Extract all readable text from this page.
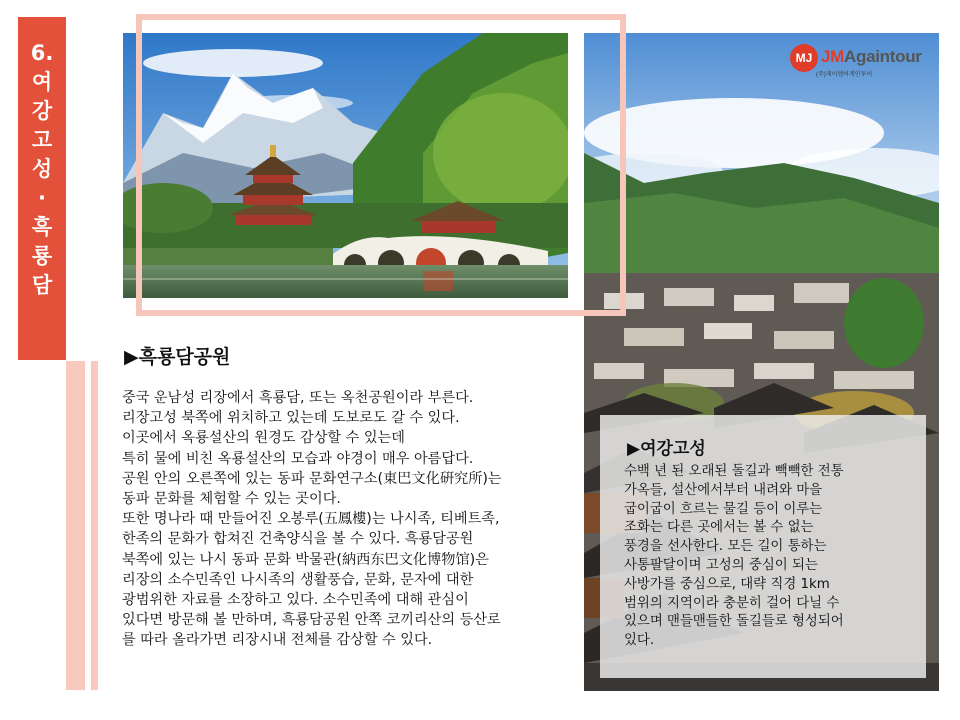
6.
여
강
고
성
·
흑
룡
담
MJ JMAgaintour
(주)제이엠어게인투어
▶흑룡담공원
중국 운남성 리장에서 흑룡담, 또는 옥천공원이라 부른다.
리장고성 북쪽에 위치하고 있는데 도보로도 갈 수 있다.
이곳에서 옥룡설산의 원경도 감상할 수 있는데
특히 물에 비친 옥룡설산의 모습과 야경이 매우 아름답다.
공원 안의 오른쪽에 있는 동파 문화연구소(東巴文化硏究所)는
동파 문화를 체험할 수 있는 곳이다.
또한 명나라 때 만들어진 오봉루(五鳳樓)는 나시족, 티베트족,
한족의 문화가 합쳐진 건축양식을 볼 수 있다. 흑룡담공원
북쪽에 있는 나시 동파 문화 박물관(納西东巴文化博物馆)은
리장의 소수민족인 나시족의 생활풍습, 문화, 문자에 대한
광범위한 자료를 소장하고 있다. 소수민족에 대해 관심이
있다면 방문해 볼 만하며, 흑룡담공원 안쪽 코끼리산의 등산로
를 따라 올라가면 리장시내 전체를 감상할 수 있다.
▶여강고성
수백 년 된 오래된 돌길과 빽빽한 전통
가옥들, 설산에서부터 내려와 마을
굽이굽이 흐르는 물길 등이 이루는
조화는 다른 곳에서는 볼 수 없는
풍경을 선사한다. 모든 길이 통하는
사통팔달이며 고성의 중심이 되는
사방가를 중심으로, 대략 직경 1km
범위의 지역이라 충분히 걸어 다닐 수
있으며 맨들맨들한 돌길들로 형성되어
있다.
